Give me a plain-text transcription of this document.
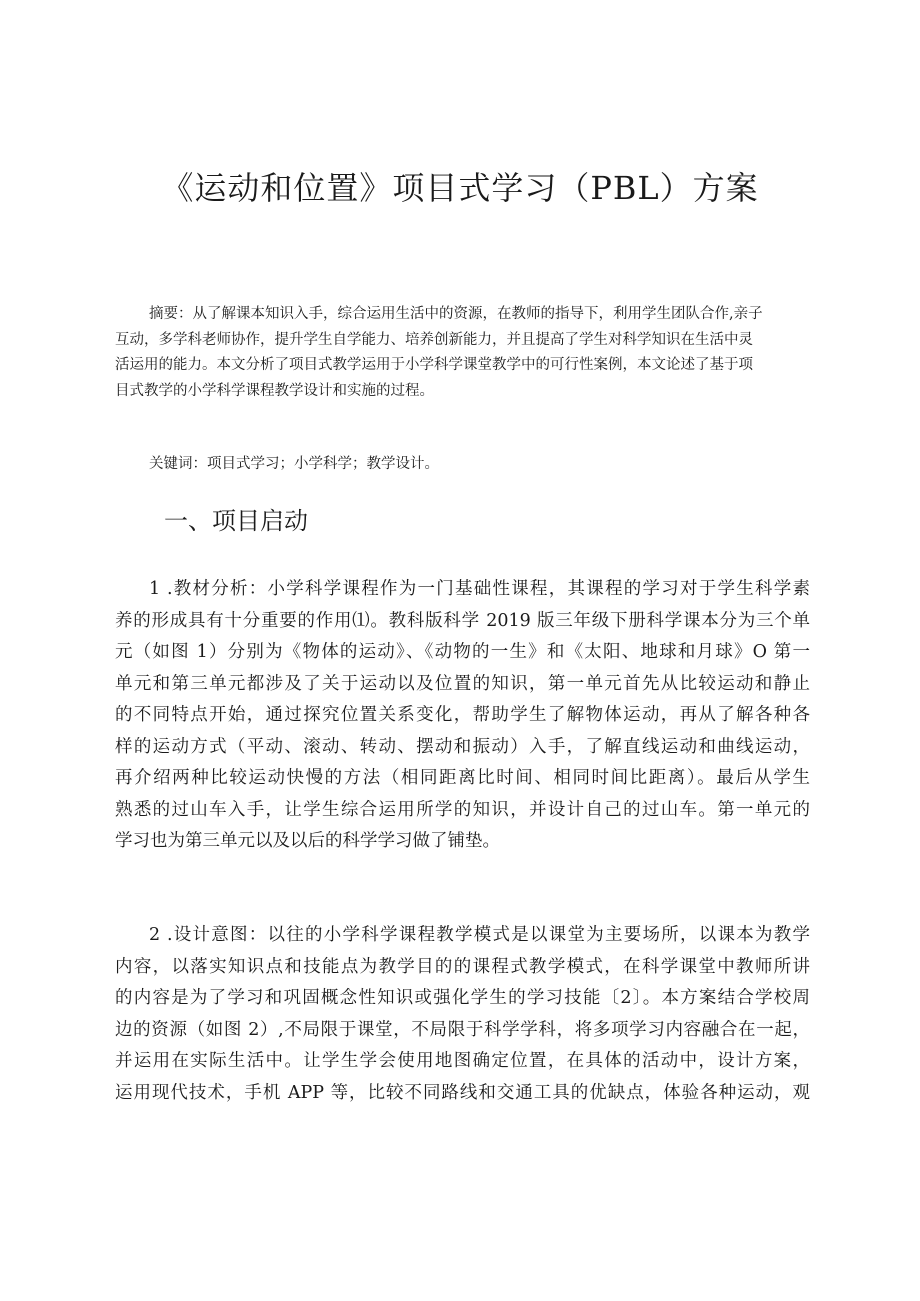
《运动和位置》项目式学习（PBL）方案
摘要：从了解课本知识入手，综合运用生活中的资源，在教师的指导下，利用学生团队合作,亲子
互动，多学科老师协作，提升学生自学能力、培养创新能力，并且提高了学生对科学知识在生活中灵
活运用的能力。本文分析了项目式教学运用于小学科学课堂教学中的可行性案例，本文论述了基于项
目式教学的小学科学课程教学设计和实施的过程。

关键词：项目式学习；小学科学；教学设计。

一、项目启动
1 .教材分析：小学科学课程作为一门基础性课程，其课程的学习对于学生科学素
养的形成具有十分重要的作用⑴。教科版科学 2019 版三年级下册科学课本分为三个单
元（如图 1）分别为《物体的运动》、《动物的一生》和《太阳、地球和月球》O 第一
单元和第三单元都涉及了关于运动以及位置的知识，第一单元首先从比较运动和静止
的不同特点开始，通过探究位置关系变化，帮助学生了解物体运动，再从了解各种各
样的运动方式（平动、滚动、转动、摆动和振动）入手，了解直线运动和曲线运动，
再介绍两种比较运动快慢的方法（相同距离比时间、相同时间比距离）。最后从学生
熟悉的过山车入手，让学生综合运用所学的知识，并设计自己的过山车。第一单元的
学习也为第三单元以及以后的科学学习做了铺垫。
2 .设计意图：以往的小学科学课程教学模式是以课堂为主要场所，以课本为教学
内容，以落实知识点和技能点为教学目的的课程式教学模式，在科学课堂中教师所讲
的内容是为了学习和巩固概念性知识或强化学生的学习技能〔2〕。本方案结合学校周
边的资源（如图 2）,不局限于课堂，不局限于科学学科，将多项学习内容融合在一起，
并运用在实际生活中。让学生学会使用地图确定位置，在具体的活动中，设计方案，
运用现代技术，手机 APP 等，比较不同路线和交通工具的优缺点，体验各种运动，观
